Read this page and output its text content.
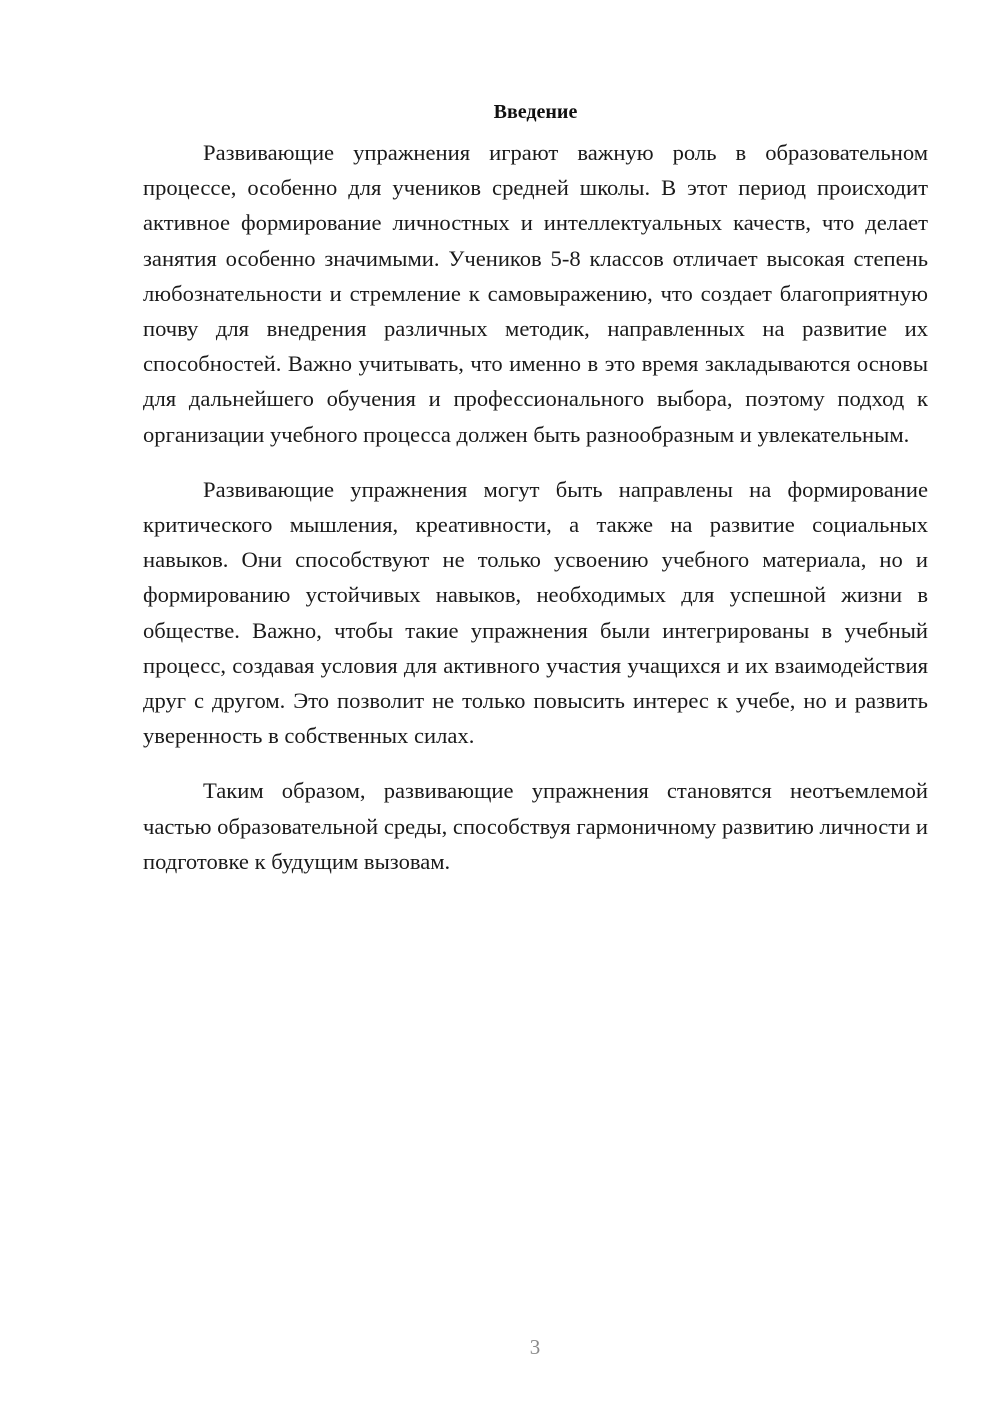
Введение

Развивающие упражнения играют важную роль в образовательном процессе, особенно для учеников средней школы. В этот период происходит активное формирование личностных и интеллектуальных качеств, что делает занятия особенно значимыми. Учеников 5-8 классов отличает высокая степень любознательности и стремление к самовыражению, что создает благоприятную почву для внедрения различных методик, направленных на развитие их способностей. Важно учитывать, что именно в это время закладываются основы для дальнейшего обучения и профессионального выбора, поэтому подход к организации учебного процесса должен быть разнообразным и увлекательным.

Развивающие упражнения могут быть направлены на формирование критического мышления, креативности, а также на развитие социальных навыков. Они способствуют не только усвоению учебного материала, но и формированию устойчивых навыков, необходимых для успешной жизни в обществе. Важно, чтобы такие упражнения были интегрированы в учебный процесс, создавая условия для активного участия учащихся и их взаимодействия друг с другом. Это позволит не только повысить интерес к учебе, но и развить уверенность в собственных силах.

Таким образом, развивающие упражнения становятся неотъемлемой частью образовательной среды, способствуя гармоничному развитию личности и подготовке к будущим вызовам.

3
